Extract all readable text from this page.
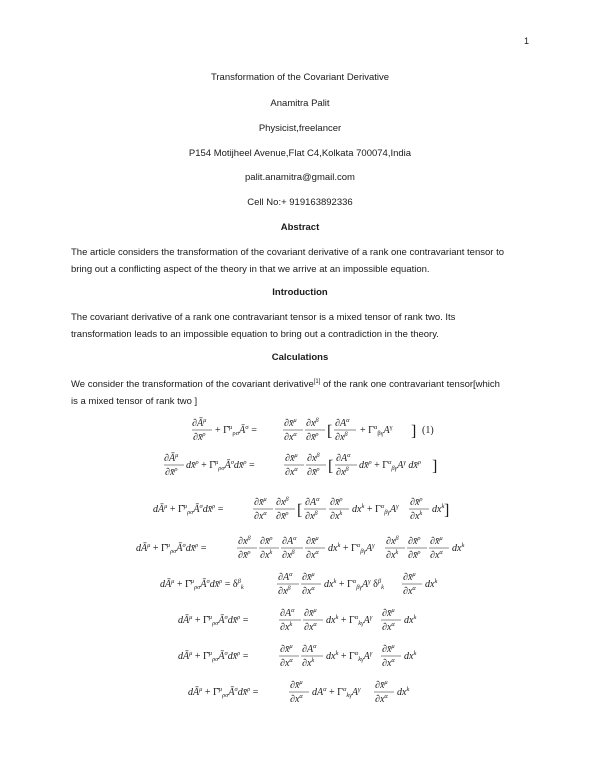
1
Transformation of the Covariant Derivative
Anamitra Palit
Physicist,freelancer
P154 Motijheel Avenue,Flat C4,Kolkata 700074,India
palit.anamitra@gmail.com
Cell No:+ 919163892336
Abstract
The article considers the transformation of the covariant derivative of a rank one contravariant tensor to
bring out a conflicting aspect of the theory in that we arrive at an impossible equation.
Introduction
The covariant derivative of a rank one contravariant tensor is a mixed tensor of rank two. Its
transformation leads to an impossible equation to bring out a contradiction in the theory.
Calculations
We consider the transformation of the covariant derivative[1] of the rank one contravariant tensor[which
is a mixed tensor of rank two ]
$\partial Ā^\mu$
∂x̄$^\rho$ + $\Gammā^\mu_{\rho\sigma}Ā^\sigma$ =
∂x̄$^\mu$
$\partial x^\alpha$
$\partial x^\beta$
∂x̄$^\rho$ [ $\partial A^\alpha$
$\partial x^\beta + \Gamma^\alpha_{\beta\gamma}A^\gamma$ ] (1)
$\partial Ā^\mu$
∂x̄$^\rho$ dx̄$^\rho$ + $\Gammā^\mu_{\rho\sigma}Ā^\sigma dx̄^\rho$ =
∂x̄$^\mu$
$\partial x^\alpha$
$\partial x^\beta$
∂x̄$^\rho$ [ $\partial A^\alpha$
$\partial x^\beta$ dx̄$^\rho$ + $\Gamma^\alpha_{\beta\gamma}A^\gamma$ dx̄$^\rho$ ]
$dĀ^\mu$ + $\Gammā^\mu_{\rho\sigma}Ā^\sigma dx̄^\rho$ =
∂x̄$^\mu$
$\partial x^\alpha$
$\partial x^\beta$
∂x̄$^\rho$ [ $\partial A^\alpha$
$\partial x^\beta$
∂x̄$^\rho$
$\partial x^k$ $dx^k + \Gamma^\alpha_{\beta\gamma}A^\gamma$ ∂x̄$^\rho$
$\partial x^k$ $dx^k$ ]
$dĀ^\mu$ + $\Gammā^\mu_{\rho\sigma}Ā^\sigma dx̄^\rho$ =
$\partial x^\beta$
∂x̄$^\rho$
∂x̄$^\rho$
$\partial x^k$
$\partial A^\alpha$
$\partial x^\beta$
∂x̄$^\mu$
$\partial x^\alpha$ $dx^k + \Gamma^\alpha_{\beta\gamma}A^\gamma$ $\partial x^\beta$
$\partial x^k$
∂x̄$^\rho$
∂x̄$^\rho$
∂x̄$^\mu$
$\partial x^\alpha$ $dx^k$
$dĀ^\mu$ + $\Gammā^\mu_{\rho\sigma}Ā^\sigma dx̄^\rho = \delta^\beta_k$
$\partial A^\alpha$
$\partial x^\beta$
∂x̄$^\mu$
$\partial x^\alpha$ $dx^k + \Gamma^\alpha_{\beta\gamma}A^\gamma$ $\delta^\beta_k$
∂x̄$^\mu$
$\partial x^\alpha$ $dx^k$
$dĀ^\mu$ + $\Gammā^\mu_{\rho\sigma}Ā^\sigma dx̄^\rho$ =
$\partial A^\alpha$
$\partial x^k$
∂x̄$^\mu$
$\partial x^\alpha$ $dx^k + \Gamma^\alpha_{k\gamma}A^\gamma$ ∂x̄$^\mu$
$\partial x^\alpha$ $dx^k$
$dĀ^\mu$ + $\Gammā^\mu_{\rho\sigma}Ā^\sigma dx̄^\rho$ =
∂x̄$^\mu$
$\partial x^\alpha$
$\partial A^\alpha$
$\partial x^k$ $dx^k + \Gamma^\alpha_{k\gamma}A^\gamma$ ∂x̄$^\mu$
$\partial x^\alpha$ $dx^k$
$dĀ^\mu$ + $\Gammā^\mu_{\rho\sigma}Ā^\sigma dx̄^\rho$ =
∂x̄$^\mu$
$\partial x^\alpha$ $dA^\alpha + \Gamma^\alpha_{k\gamma}A^\gamma$ ∂x̄$^\mu$
$\partial x^\alpha$ $dx^k$
